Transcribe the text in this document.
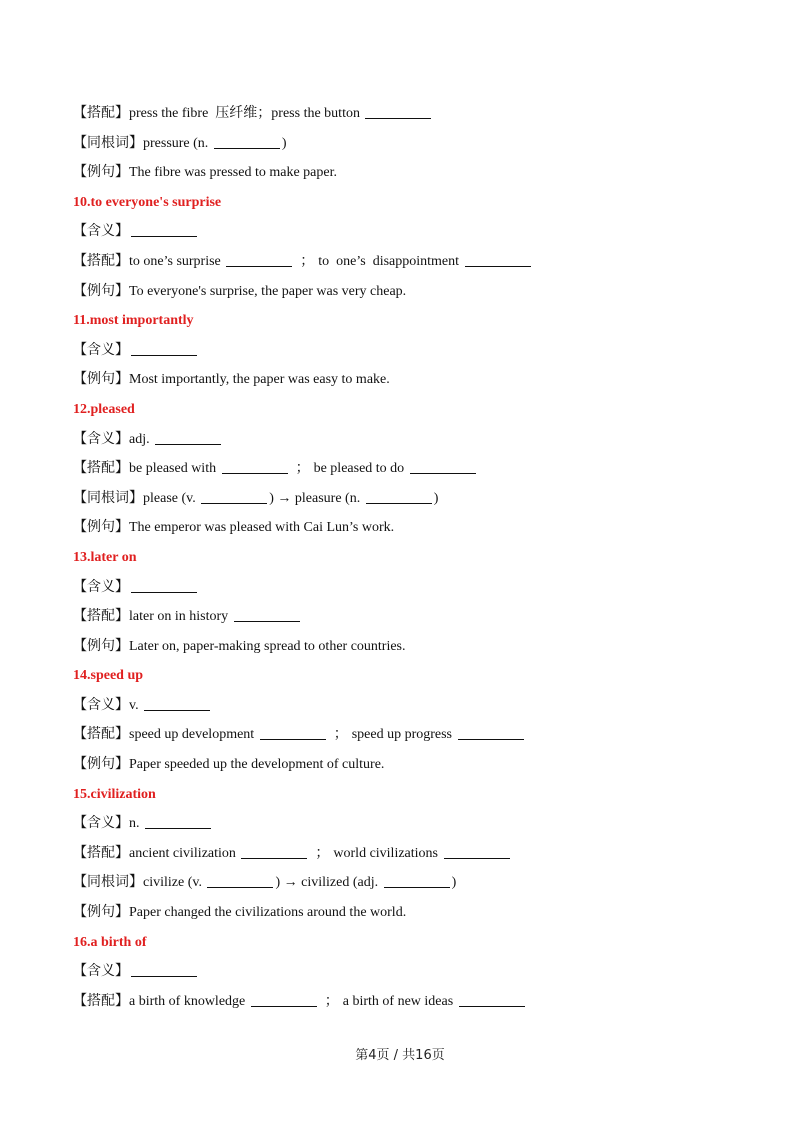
【搭配】press the fibre  压纤维；press the button
【同根词】pressure (n.	)
【例句】The fibre was pressed to make paper.
10.to everyone's surprise
【含义】
【搭配】to one’s surprise	； to  one’s  disappointment
【例句】To everyone's surprise, the paper was very cheap.
11.most importantly
【含义】
【例句】Most importantly, the paper was easy to make.
12.pleased
【含义】adj.
【搭配】be pleased with	； be pleased to do
【同根词】please (v.	) → pleasure (n.	)
【例句】The emperor was pleased with Cai Lun’s work.
13.later on
【含义】
【搭配】later on in history
【例句】Later on, paper-making spread to other countries.
14.speed up
【含义】v.
【搭配】speed up development	； speed up progress
【例句】Paper speeded up the development of culture.
15.civilization
【含义】n.
【搭配】ancient civilization	； world civilizations
【同根词】civilize (v.	) → civilized (adj.	)
【例句】Paper changed the civilizations around the world.
16.a birth of
【含义】
【搭配】a birth of knowledge	； a birth of new ideas
第4页 / 共16页
